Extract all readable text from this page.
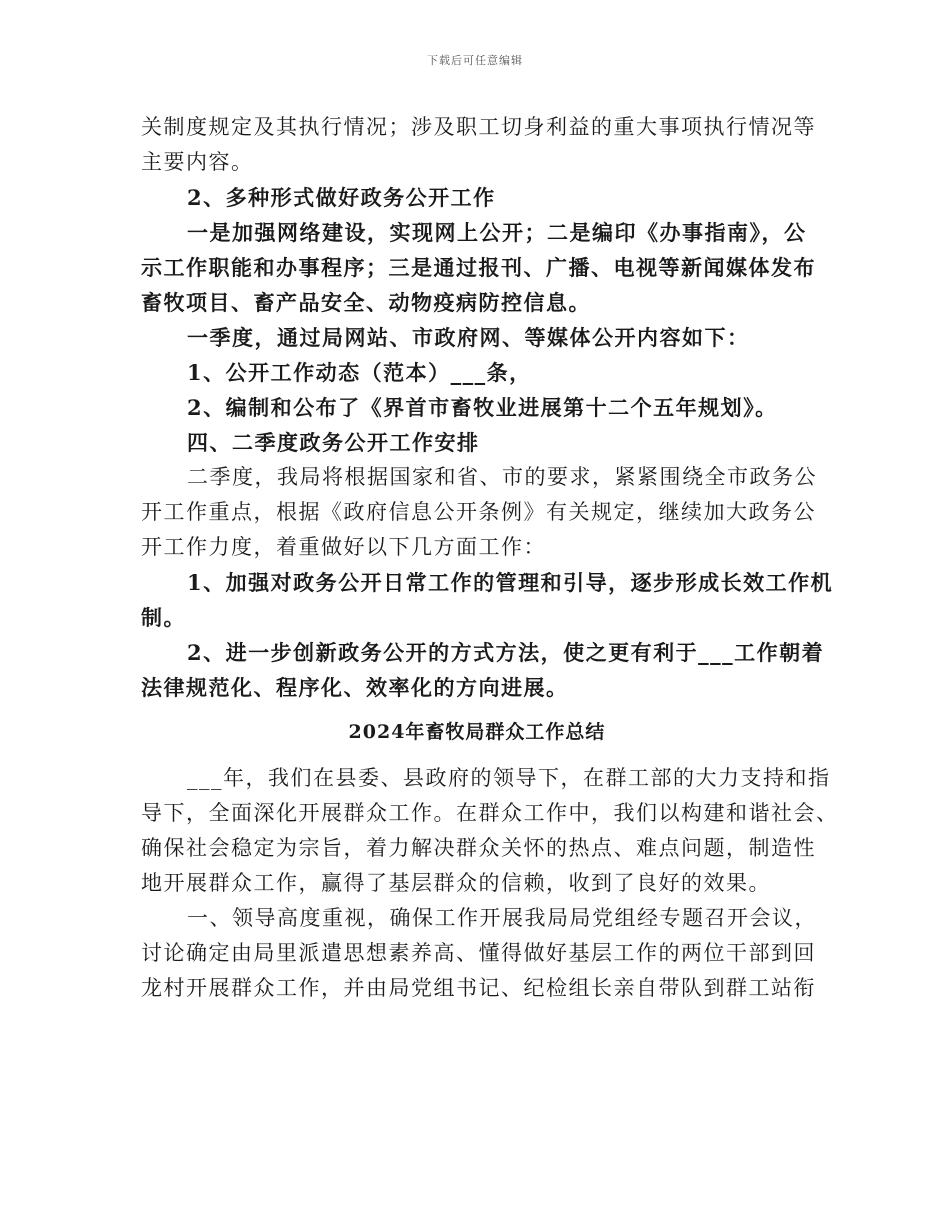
下载后可任意编辑
关制度规定及其执行情况；涉及职工切身利益的重大事项执行情况等
主要内容。
2、多种形式做好政务公开工作
一是加强网络建设，实现网上公开；二是编印《办事指南》，公
示工作职能和办事程序；三是通过报刊、广播、电视等新闻媒体发布
畜牧项目、畜产品安全、动物疫病防控信息。
一季度，通过局网站、市政府网、等媒体公开内容如下：
1、公开工作动态（范本）___条，
2、编制和公布了《界首市畜牧业进展第十二个五年规划》。
四、二季度政务公开工作安排
二季度，我局将根据国家和省、市的要求，紧紧围绕全市政务公
开工作重点，根据《政府信息公开条例》有关规定，继续加大政务公
开工作力度，着重做好以下几方面工作：
1、加强对政务公开日常工作的管理和引导，逐步形成长效工作机
制。
2、进一步创新政务公开的方式方法，使之更有利于___工作朝着
法律规范化、程序化、效率化的方向进展。
2024年畜牧局群众工作总结
___年，我们在县委、县政府的领导下，在群工部的大力支持和指
导下，全面深化开展群众工作。在群众工作中，我们以构建和谐社会、
确保社会稳定为宗旨，着力解决群众关怀的热点、难点问题，制造性
地开展群众工作，赢得了基层群众的信赖，收到了良好的效果。
一、领导高度重视，确保工作开展我局局党组经专题召开会议，
讨论确定由局里派遣思想素养高、懂得做好基层工作的两位干部到回
龙村开展群众工作，并由局党组书记、纪检组长亲自带队到群工站衔
